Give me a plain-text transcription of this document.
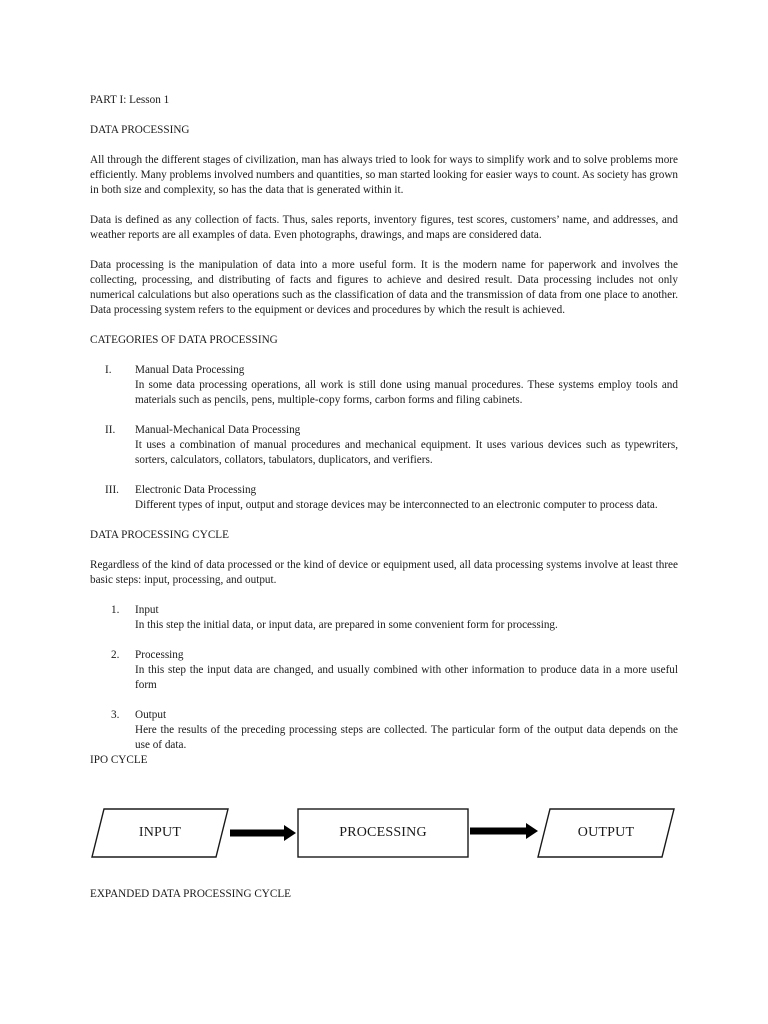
PART I: Lesson 1
DATA PROCESSING

All through the different stages of civilization, man has always tried to look for ways to simplify work and to solve problems more efficiently. Many problems involved numbers and quantities, so man started looking for easier ways to count. As society has grown in both size and complexity, so has the data that is generated within it.

Data is defined as any collection of facts. Thus, sales reports, inventory figures, test scores, customers’ name, and addresses, and weather reports are all examples of data. Even photographs, drawings, and maps are considered data.

Data processing is the manipulation of data into a more useful form. It is the modern name for paperwork and involves the collecting, processing, and distributing of facts and figures to achieve and desired result. Data processing includes not only numerical calculations but also operations such as the classification of data and the transmission of data from one place to another. Data processing system refers to the equipment or devices and procedures by which the result is achieved.

CATEGORIES OF DATA PROCESSING
I.	Manual Data Processing

In some data processing operations, all work is still done using manual procedures. These systems employ tools and materials such as pencils, pens, multiple-copy forms, carbon forms and filing cabinets.

II.	Manual-Mechanical Data Processing

It uses a combination of manual procedures and mechanical equipment. It uses various devices such as typewriters, sorters, calculators, collators, tabulators, duplicators, and verifiers.

III.	Electronic Data Processing

Different types of input, output and storage devices may be interconnected to an electronic computer to process data.

DATA PROCESSING CYCLE

Regardless of the kind of data processed or the kind of device or equipment used, all data processing systems involve at least three basic steps: input, processing, and output.

1.	Input

In this step the initial data, or input data, are prepared in some convenient form for processing.

2.	Processing

In this step the input data are changed, and usually combined with other information to produce data in a more useful form

3.	Output

Here the results of the preceding processing steps are collected. The particular form of the output data depends on the use of data.

IPO CYCLE
INPUT	PROCESSING	OUTPUT
EXPANDED DATA PROCESSING CYCLE
